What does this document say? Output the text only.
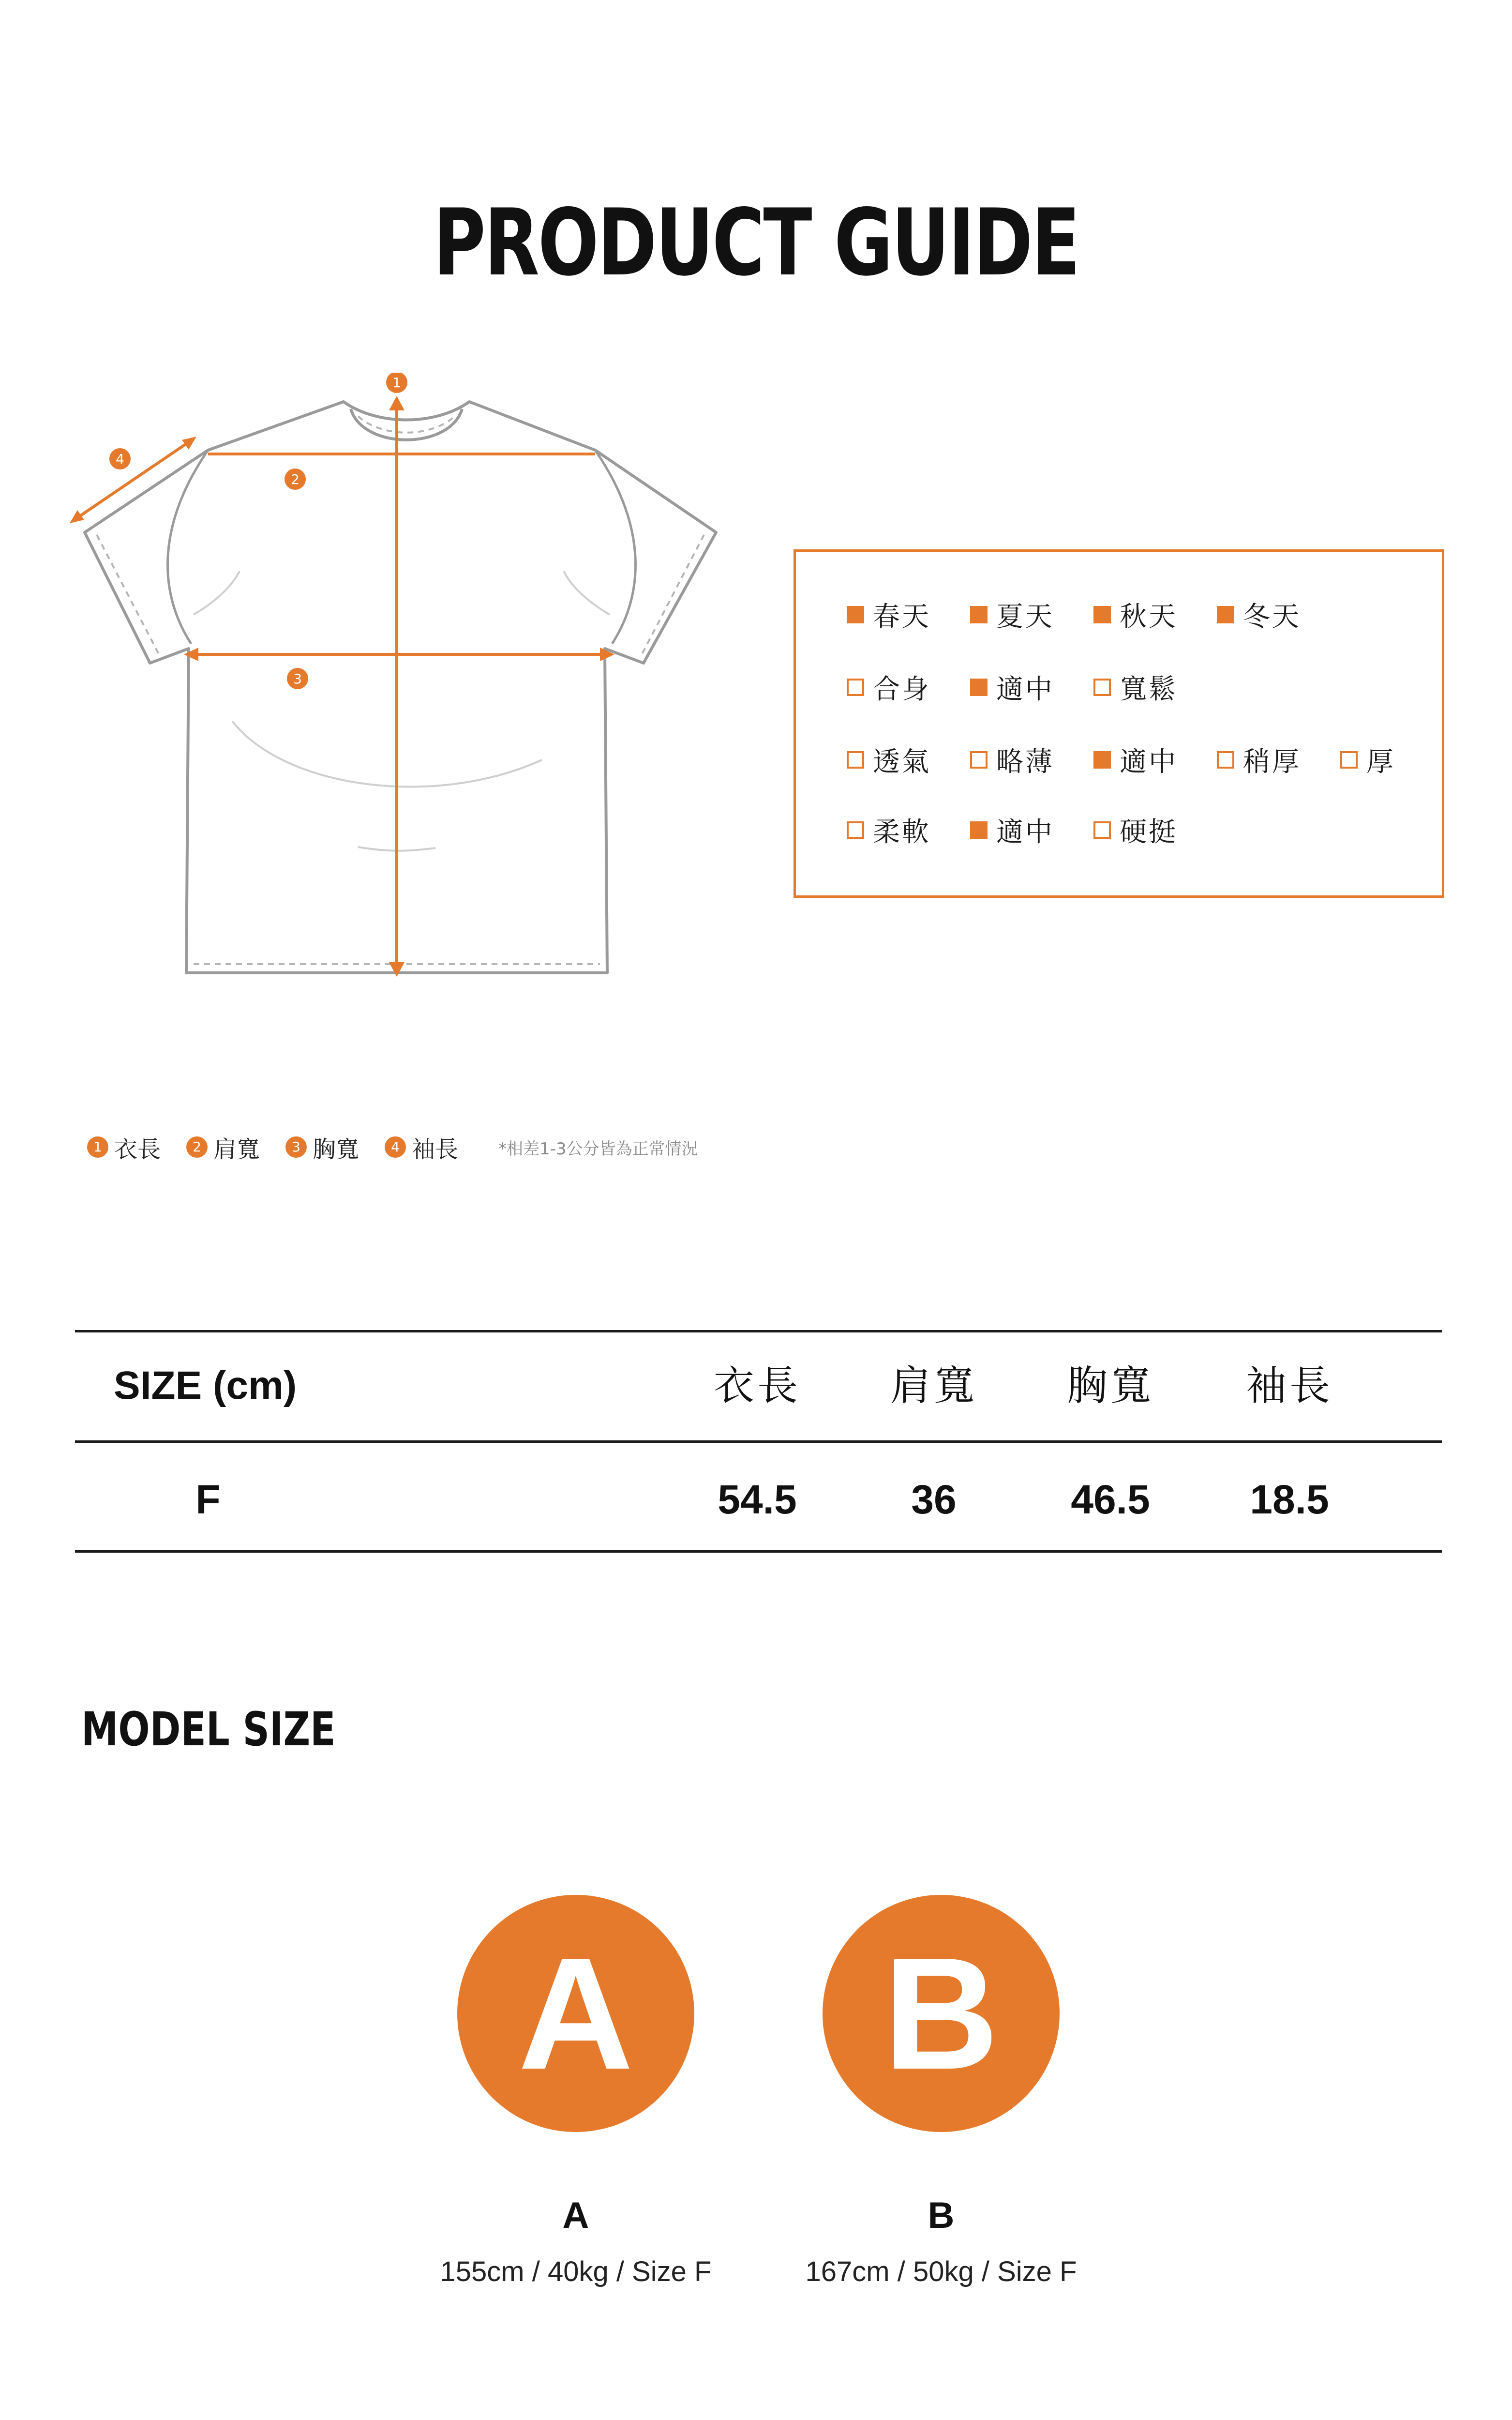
PRODUCT GUIDE
1
2
3
4
春天 夏天 秋天 冬天
合身 適中 寬鬆
透氣 略薄 適中 稍厚 厚
柔軟 適中 硬挺
1 衣長	2 肩寬	3 胸寬	4 袖長 *相差1-3公分皆為正常情況
SIZE (cm)	衣長	肩寬	胸寬	袖長
F	54.5	36	46.5	18.5
MODEL SIZE
A
A
155cm / 40kg / Size F
B
B
167cm / 50kg / Size F
